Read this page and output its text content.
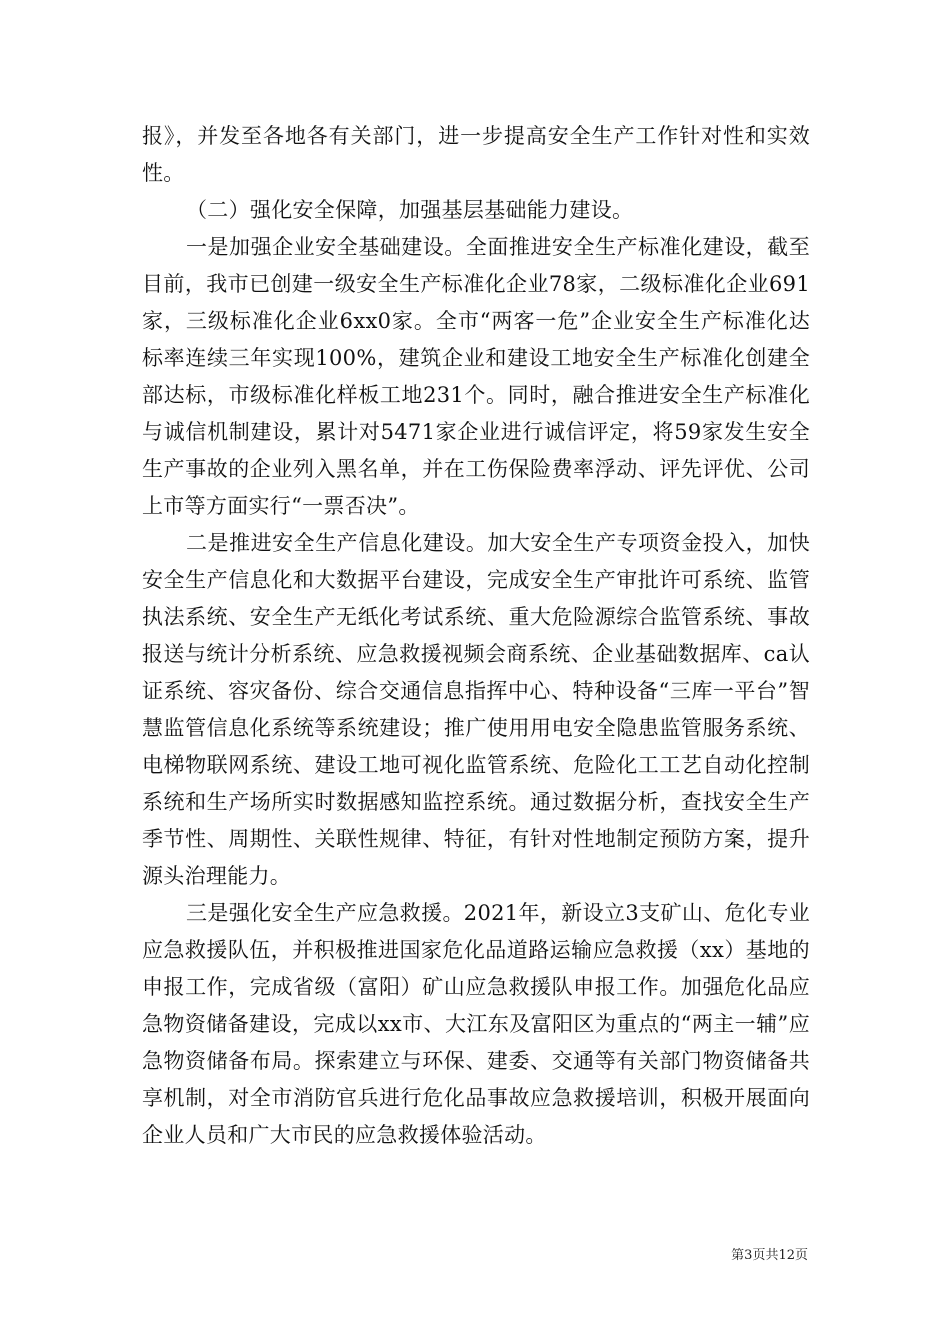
报》，并发至各地各有关部门，进一步提高安全生产工作针对性和实效性。

（二）强化安全保障，加强基层基础能力建设。

一是加强企业安全基础建设。全面推进安全生产标准化建设，截至目前，我市已创建一级安全生产标准化企业78家，二级标准化企业691家，三级标准化企业6xx0家。全市“两客一危”企业安全生产标准化达标率连续三年实现100%，建筑企业和建设工地安全生产标准化创建全部达标，市级标准化样板工地231个。同时，融合推进安全生产标准化与诚信机制建设，累计对5471家企业进行诚信评定，将59家发生安全生产事故的企业列入黑名单，并在工伤保险费率浮动、评先评优、公司上市等方面实行“一票否决”。

二是推进安全生产信息化建设。加大安全生产专项资金投入，加快安全生产信息化和大数据平台建设，完成安全生产审批许可系统、监管执法系统、安全生产无纸化考试系统、重大危险源综合监管系统、事故报送与统计分析系统、应急救援视频会商系统、企业基础数据库、ca认证系统、容灾备份、综合交通信息指挥中心、特种设备“三库一平台”智慧监管信息化系统等系统建设；推广使用用电安全隐患监管服务系统、电梯物联网系统、建设工地可视化监管系统、危险化工工艺自动化控制系统和生产场所实时数据感知监控系统。通过数据分析，查找安全生产季节性、周期性、关联性规律、特征，有针对性地制定预防方案，提升源头治理能力。

三是强化安全生产应急救援。2021年，新设立3支矿山、危化专业应急救援队伍，并积极推进国家危化品道路运输应急救援（xx）基地的申报工作，完成省级（富阳）矿山应急救援队申报工作。加强危化品应急物资储备建设，完成以xx市、大江东及富阳区为重点的“两主一辅”应急物资储备布局。探索建立与环保、建委、交通等有关部门物资储备共享机制，对全市消防官兵进行危化品事故应急救援培训，积极开展面向企业人员和广大市民的应急救援体验活动。

第3页共12页
